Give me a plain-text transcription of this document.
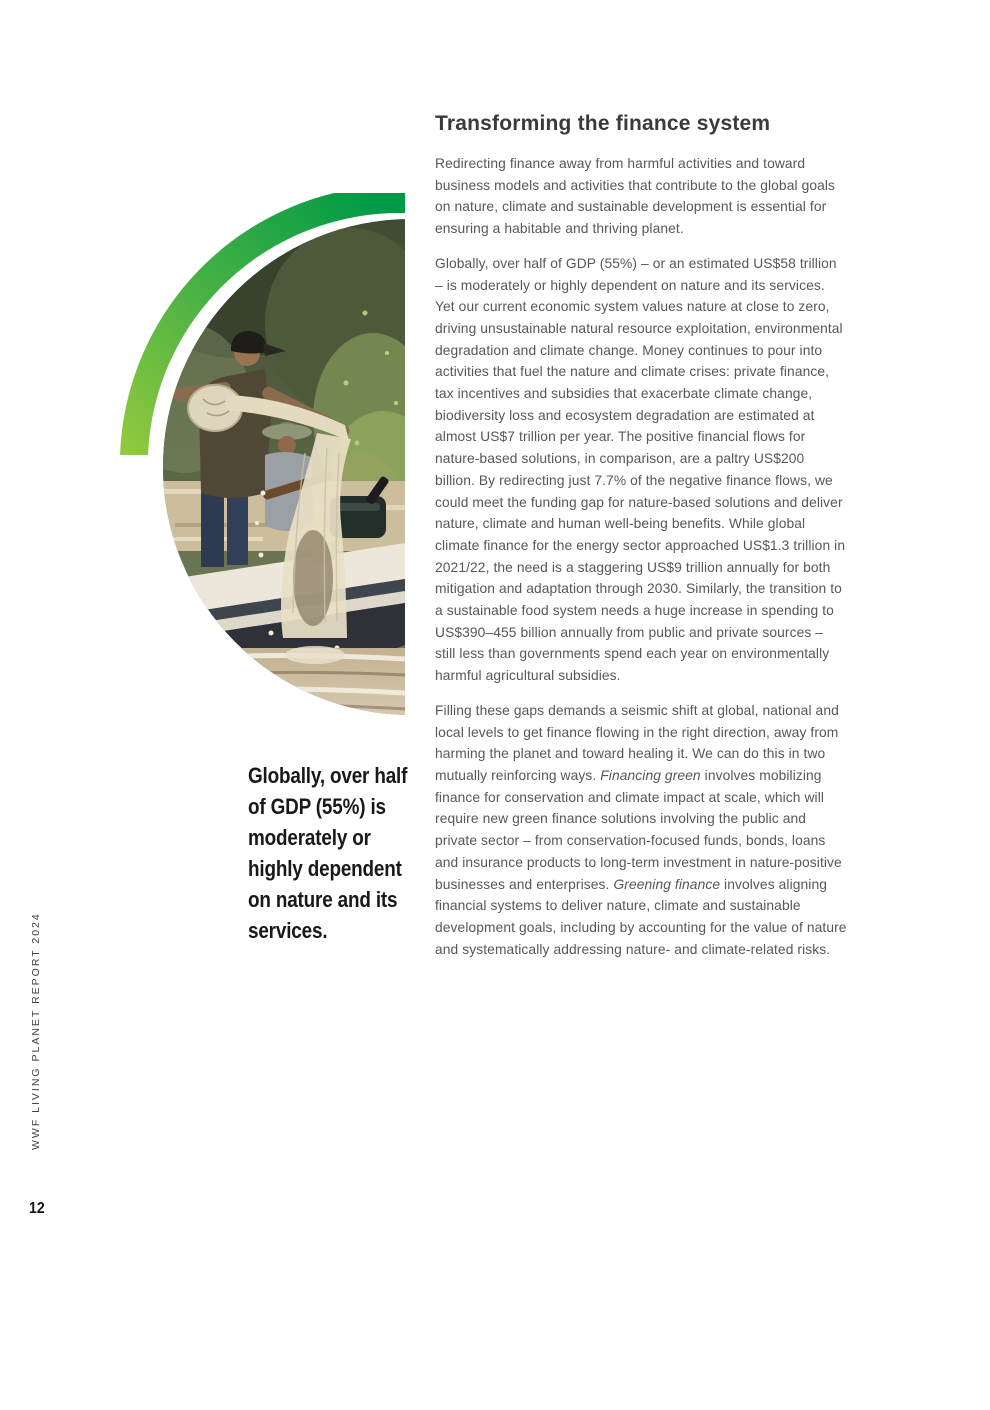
WWF LIVING PLANET REPORT 2024
12
Globally, over half of GDP (55%) is moderately or highly dependent on nature and its services.
Transforming the finance system

Redirecting finance away from harmful activities and toward business models and activities that contribute to the global goals on nature, climate and sustainable development is essential for ensuring a habitable and thriving planet.

Globally, over half of GDP (55%) – or an estimated US$58 trillion – is moderately or highly dependent on nature and its services. Yet our current economic system values nature at close to zero, driving unsustainable natural resource exploitation, environmental degradation and climate change. Money continues to pour into activities that fuel the nature and climate crises: private finance, tax incentives and subsidies that exacerbate climate change, biodiversity loss and ecosystem degradation are estimated at almost US$7 trillion per year. The positive financial flows for nature-based solutions, in comparison, are a paltry US$200 billion. By redirecting just 7.7% of the negative finance flows, we could meet the funding gap for nature-based solutions and deliver nature, climate and human well-being benefits. While global climate finance for the energy sector approached US$1.3 trillion in 2021/22, the need is a staggering US$9 trillion annually for both mitigation and adaptation through 2030. Similarly, the transition to a sustainable food system needs a huge increase in spending to US$390–455 billion annually from public and private sources – still less than governments spend each year on environmentally harmful agricultural subsidies.

Filling these gaps demands a seismic shift at global, national and local levels to get finance flowing in the right direction, away from harming the planet and toward healing it. We can do this in two mutually reinforcing ways. Financing green involves mobilizing finance for conservation and climate impact at scale, which will require new green finance solutions involving the public and private sector – from conservation-focused funds, bonds, loans and insurance products to long-term investment in nature-positive businesses and enterprises. Greening finance involves aligning financial systems to deliver nature, climate and sustainable development goals, including by accounting for the value of nature and systematically addressing nature- and climate-related risks.
